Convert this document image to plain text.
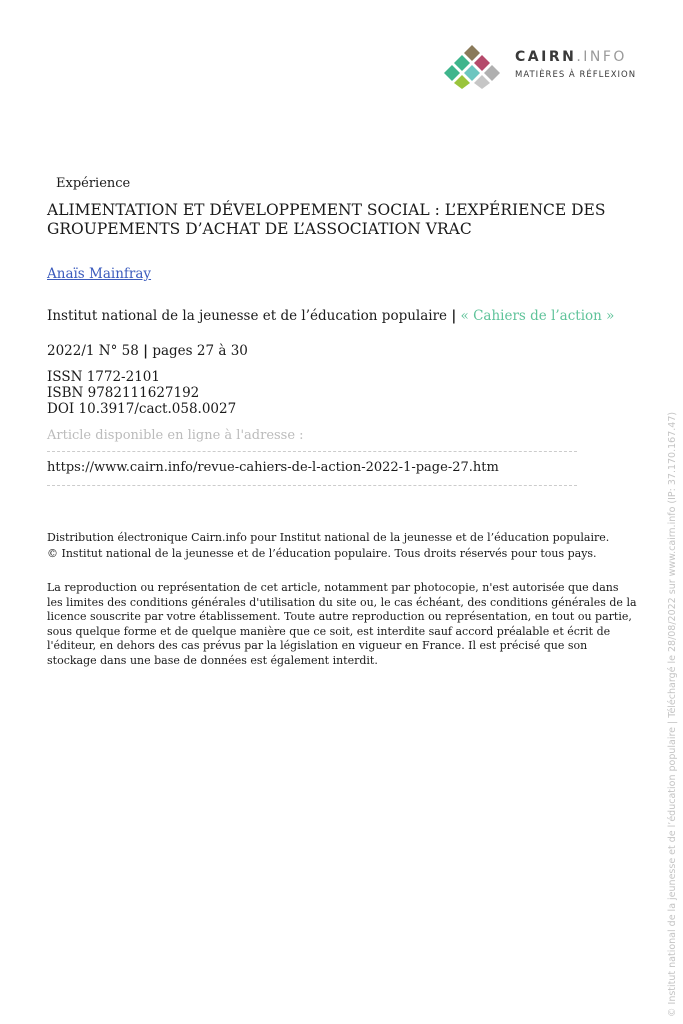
CAIRN.INFO
MATIÈRES À RÉFLEXION
Expérience
ALIMENTATION ET DÉVELOPPEMENT SOCIAL : L’EXPÉRIENCE DES GROUPEMENTS D’ACHAT DE L’ASSOCIATION VRAC
Anaïs Mainfray
Institut national de la jeunesse et de l’éducation populaire | « Cahiers de l’action »
2022/1 N° 58 | pages 27 à 30
ISSN 1772-2101
ISBN 9782111627192
DOI 10.3917/cact.058.0027
Article disponible en ligne à l'adresse :
https://www.cairn.info/revue-cahiers-de-l-action-2022-1-page-27.htm
Distribution électronique Cairn.info pour Institut national de la jeunesse et de l’éducation populaire.
© Institut national de la jeunesse et de l’éducation populaire. Tous droits réservés pour tous pays.
La reproduction ou représentation de cet article, notamment par photocopie, n'est autorisée que dans les limites des conditions générales d'utilisation du site ou, le cas échéant, des conditions générales de la licence souscrite par votre établissement. Toute autre reproduction ou représentation, en tout ou partie, sous quelque forme et de quelque manière que ce soit, est interdite sauf accord préalable et écrit de l'éditeur, en dehors des cas prévus par la législation en vigueur en France. Il est précisé que son stockage dans une base de données est également interdit.	© Institut national de la jeunesse et de l’éducation populaire | Téléchargé le 28/08/2022 sur www.cairn.info (IP: 37.170.167.47)
